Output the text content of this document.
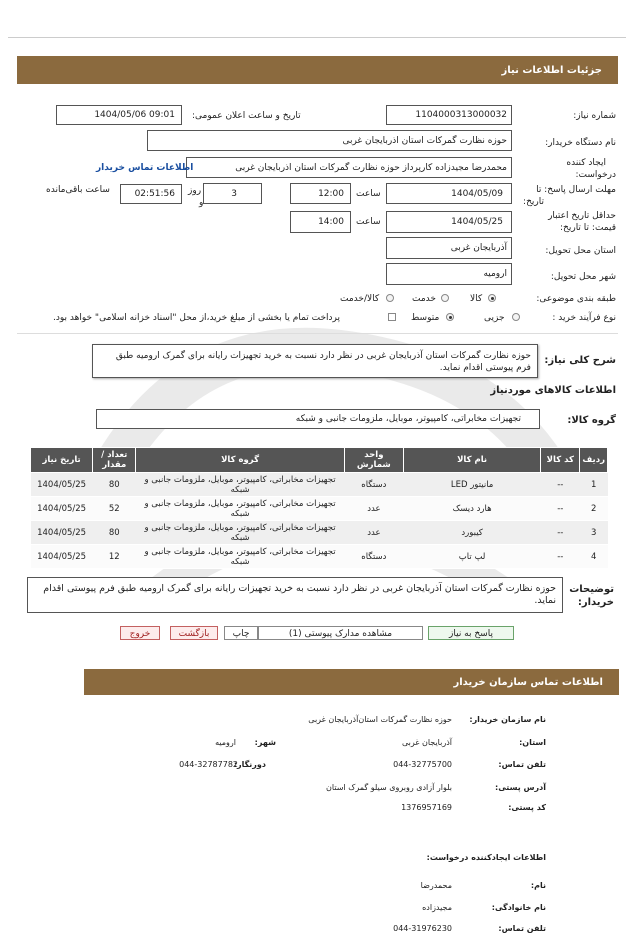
جزئیات اطلاعات نیاز
شماره نیاز:
1104000313000032
تاریخ و ساعت اعلان عمومی:
1404/05/06 09:01
نام دستگاه خریدار:
حوزه نظارت گمرکات استان اذربایجان غربی
ایجاد کننده
درخواست:
محمدرضا مجیدزاده کارپرداز حوزه نظارت گمرکات استان اذربایجان غربی
اطلاعات تماس خریدار
مهلت ارسال پاسخ: تا
تاریخ:
1404/05/09
ساعت
12:00
3
روز
و
02:51:56
ساعت باقی‌مانده
حداقل تاریخ اعتبار
قیمت: تا تاریخ:
1404/05/25
ساعت
14:00
استان محل تحویل:
آذربایجان غربی
شهر محل تحویل:
ارومیه
طبقه بندی موضوعی:
کالا
خدمت
کالا/خدمت
نوع فرآیند خرید :
جزیی
متوسط
پرداخت تمام یا بخشی از مبلغ خرید،از محل "اسناد خزانه اسلامی" خواهد بود.
شرح کلی نیاز:
حوزه نظارت گمرکات استان آذربایجان غربی در نظر دارد نسبت به خرید تجهیزات رایانه برای گمرک ارومیه طبق فرم پیوستی اقدام نماید.
اطلاعات کالاهای موردنیاز
گروه کالا:
تجهیزات مخابراتی، کامپیوتر، موبایل، ملزومات جانبی و شبکه
ردیف	کد کالا	نام کالا	واحد شمارش	گروه کالا	تعداد / مقدار	تاریخ نیاز
1	--	مانیتور LED	دستگاه	تجهیزات مخابراتی، کامپیوتر، موبایل، ملزومات جانبی و شبکه	80	1404/05/25
2	--	هارد دیسک	عدد	تجهیزات مخابراتی، کامپیوتر، موبایل، ملزومات جانبی و شبکه	52	1404/05/25
3	--	کیبورد	عدد	تجهیزات مخابراتی، کامپیوتر، موبایل، ملزومات جانبی و شبکه	80	1404/05/25
4	--	لپ تاپ	دستگاه	تجهیزات مخابراتی، کامپیوتر، موبایل، ملزومات جانبی و شبکه	12	1404/05/25
توضیحات
خریدار:
حوزه نظارت گمرکات استان آذربایجان غربی در نظر دارد نسبت به خرید تجهیزات رایانه برای گمرک ارومیه طبق فرم پیوستی اقدام نماید.
پاسخ به نیاز
مشاهده مدارک پیوستی (1)
چاپ
بازگشت
خروج
اطلاعات تماس سازمان خریدار
نام سازمان خریدار:
حوزه نظارت گمرکات استان‌آذربایجان غربی
استان:
آذربایجان غربی
شهر:
ارومیه
تلفن تماس:
044-32775700
دورنگار:
044-32787782
آدرس پستی:
بلوار آزادی روبروی سیلو گمرک استان
کد پستی:
1376957169
اطلاعات ایجادکننده درخواست:
نام:
محمدرضا
نام خانوادگی:
مجیدزاده
تلفن تماس:
044-31976230
